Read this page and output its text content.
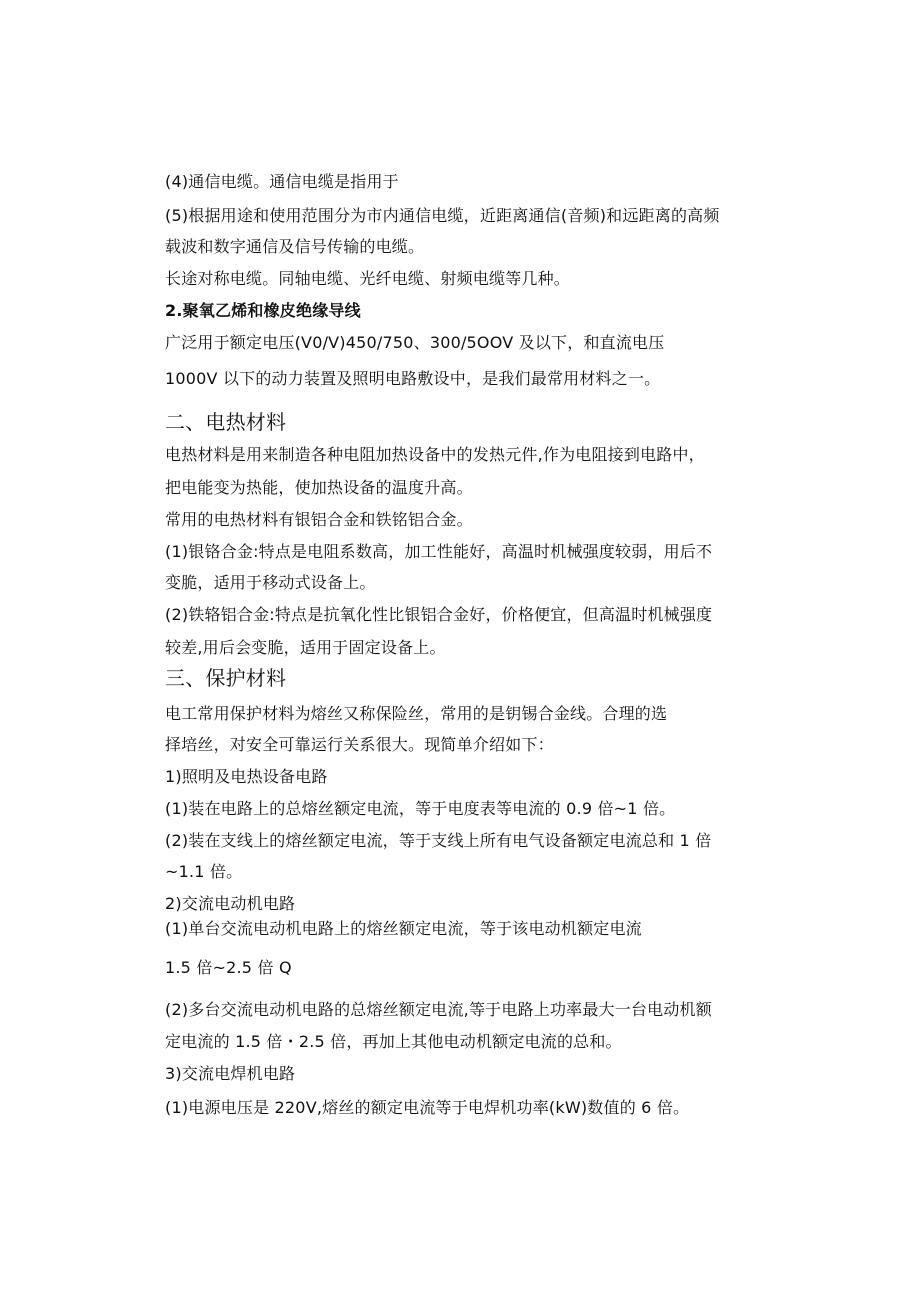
(4)通信电缆。通信电缆是指用于
(5)根据用途和使用范围分为市内通信电缆，近距离通信(音频)和远距离的高频
载波和数字通信及信号传输的电缆。
长途对称电缆。同轴电缆、光纤电缆、射频电缆等几种。
2.聚氧乙烯和橡皮绝缘导线
广泛用于额定电压(V0/V)450/750、300/5OOV 及以下，和直流电压
1000V 以下的动力装置及照明电路敷设中，是我们最常用材料之一。
二、电热材料
电热材料是用来制造各种电阻加热设备中的发热元件,作为电阻接到电路中，
把电能变为热能，使加热设备的温度升高。
常用的电热材料有银铝合金和铁铭铝合金。
(1)银铬合金:特点是电阻系数高，加工性能好，高温时机械强度较弱，用后不
变脆，适用于移动式设备上。
(2)铁辂铝合金:特点是抗氧化性比银铝合金好，价格便宜，但高温时机械强度
较差,用后会变脆，适用于固定设备上。
三、保护材料
电工常用保护材料为熔丝又称保险丝，常用的是钥锡合金线。合理的选
择培丝，对安全可靠运行关系很大。现简单介绍如下：
1)照明及电热设备电路
(1)装在电路上的总熔丝额定电流，等于电度表等电流的 0.9 倍~1 倍。
(2)装在支线上的熔丝额定电流，等于支线上所有电气设备额定电流总和 1 倍
~1.1 倍。
2)交流电动机电路
(1)单台交流电动机电路上的熔丝额定电流，等于该电动机额定电流
1.5 倍~2.5 倍 Q
(2)多台交流电动机电路的总熔丝额定电流,等于电路上功率最大一台电动机额
定电流的 1.5 倍・2.5 倍，再加上其他电动机额定电流的总和。
3)交流电焊机电路
(1)电源电压是 220V,熔丝的额定电流等于电焊机功率(kW)数值的 6 倍。
